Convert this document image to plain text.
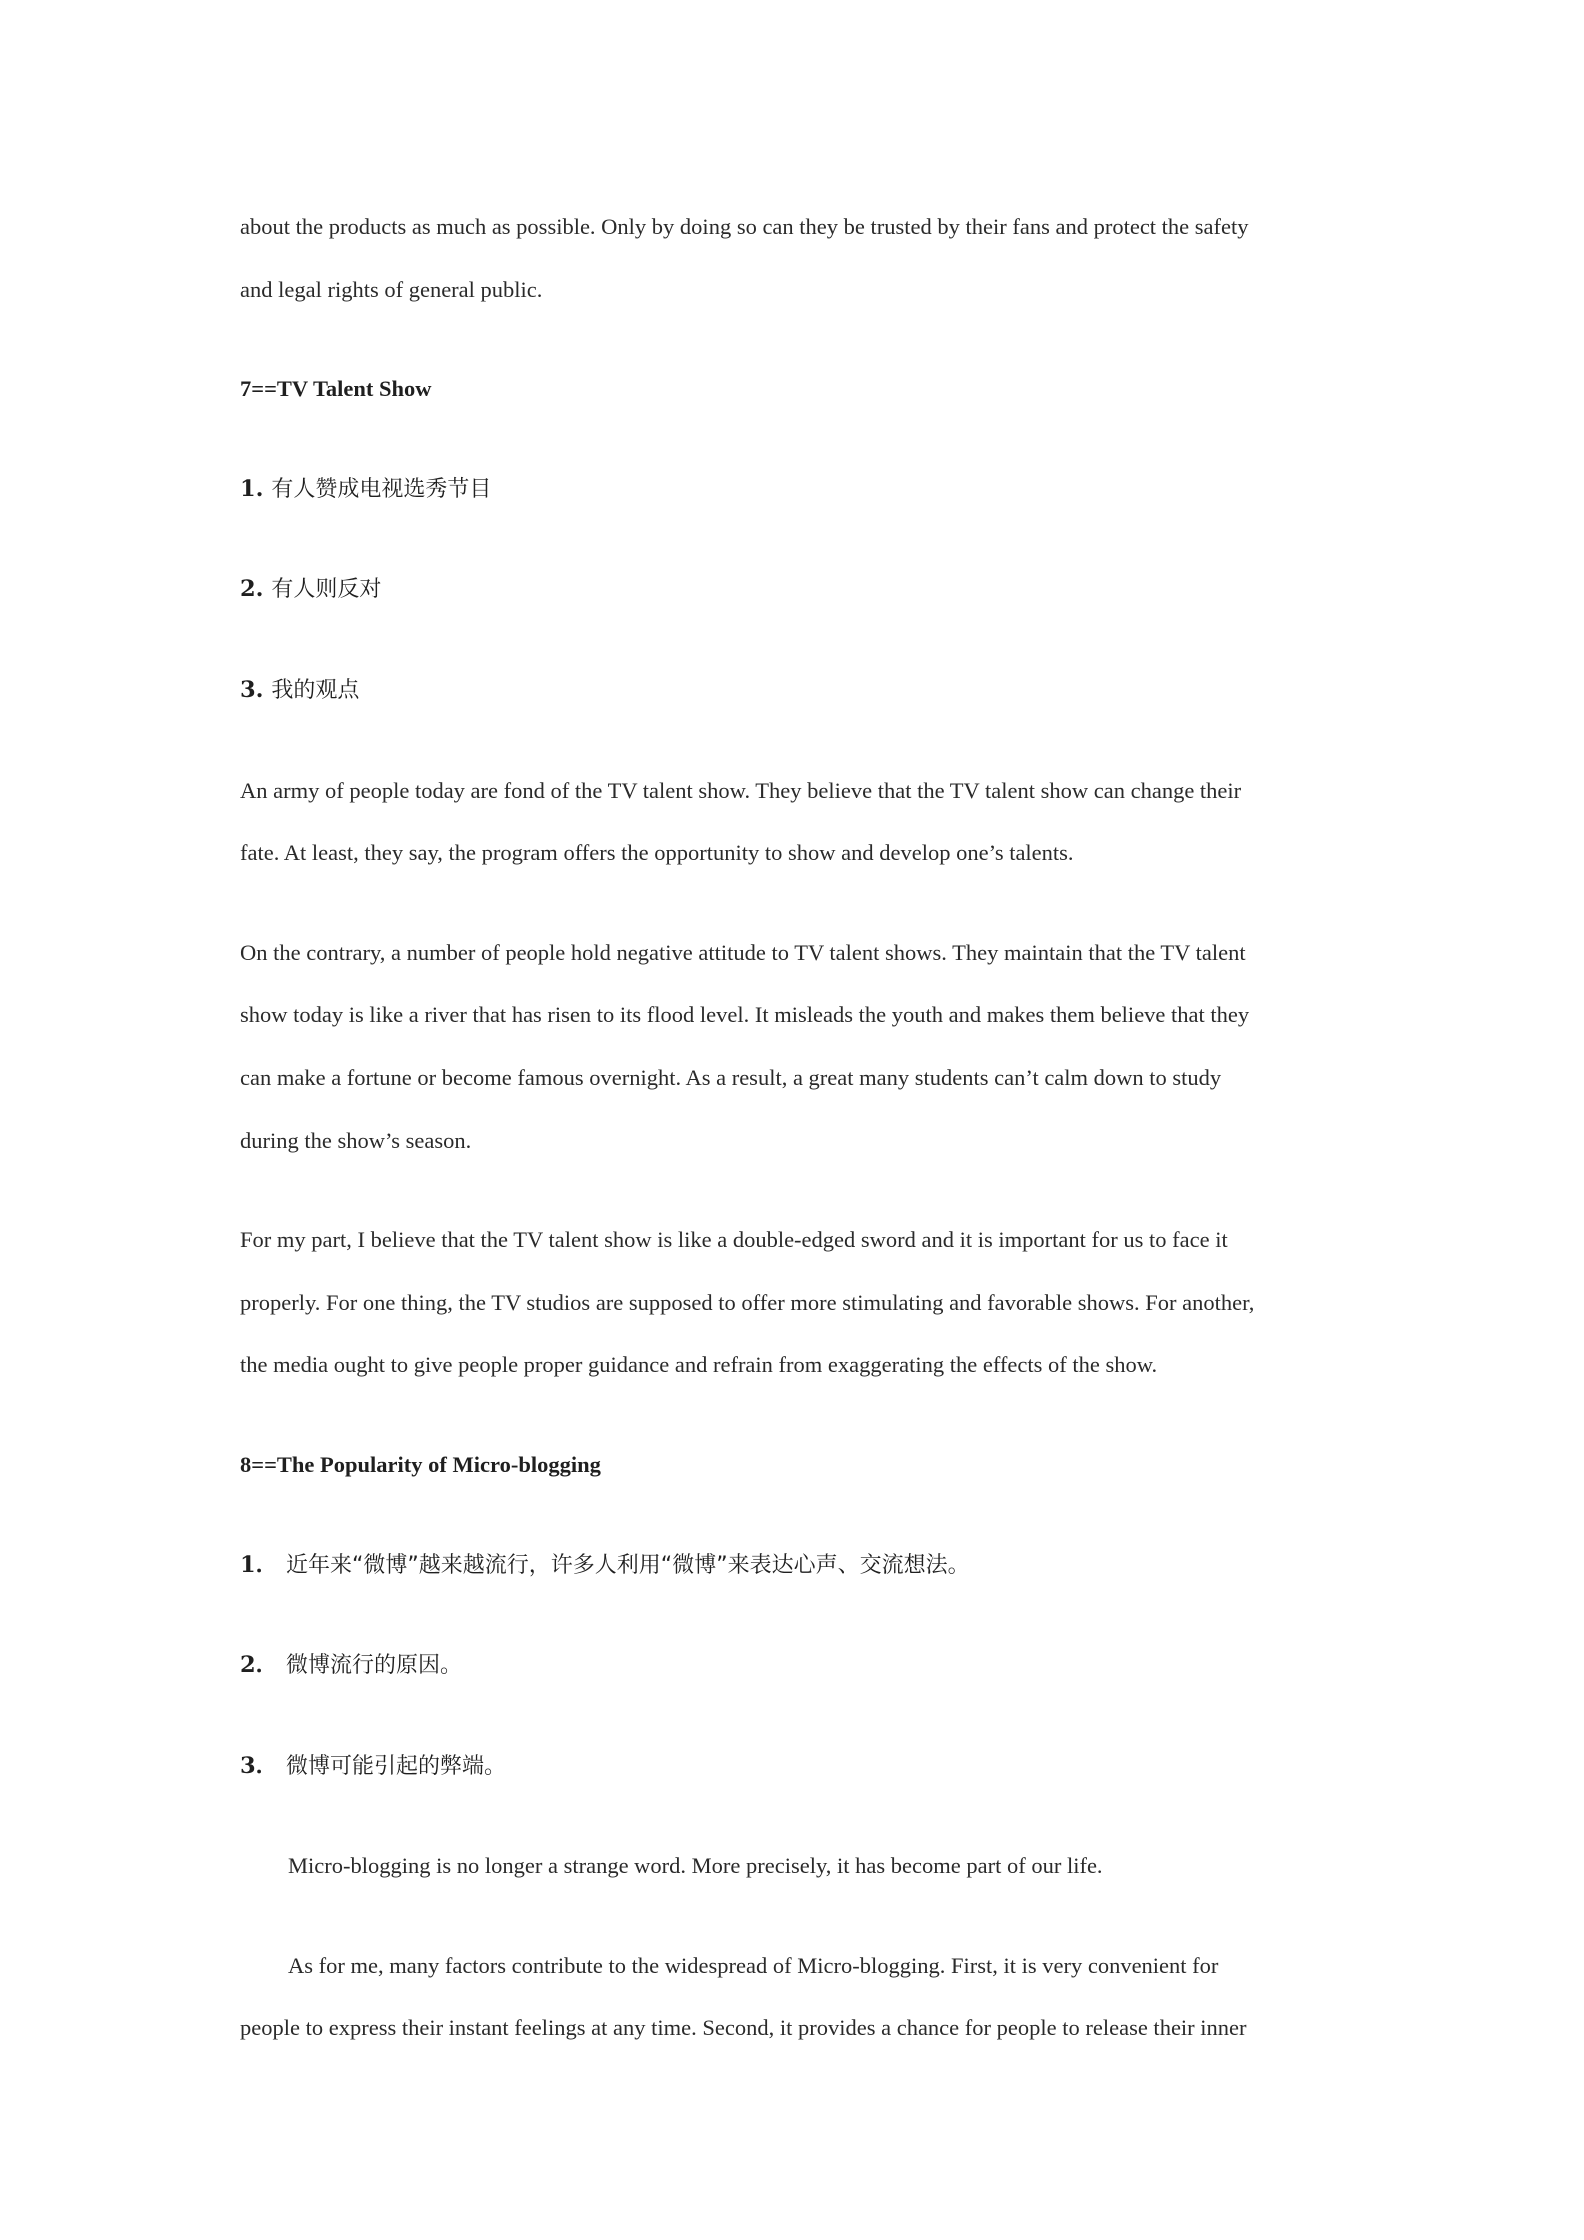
about the products as much as possible. Only by doing so can they be trusted by their fans and protect the safety

and legal rights of general public.

7==TV Talent Show

1. 有人赞成电视选秀节目

2. 有人则反对

3. 我的观点

An army of people today are fond of the TV talent show. They believe that the TV talent show can change their

fate. At least, they say, the program offers the opportunity to show and develop one’s talents.

On the contrary, a number of people hold negative attitude to TV talent shows. They maintain that the TV talent

show today is like a river that has risen to its flood level. It misleads the youth and makes them believe that they

can make a fortune or become famous overnight. As a result, a great many students can’t calm down to study

during the show’s season.

For my part, I believe that the TV talent show is like a double-edged sword and it is important for us to face it

properly. For one thing, the TV studios are supposed to offer more stimulating and favorable shows. For another,

the media ought to give people proper guidance and refrain from exaggerating the effects of the show.

8==The Popularity of Micro-blogging

1． 近年来“微博”越来越流行，许多人利用“微博”来表达心声、交流想法。

2． 微博流行的原因。

3． 微博可能引起的弊端。

Micro-blogging is no longer a strange word. More precisely, it has become part of our life.

As for me, many factors contribute to the widespread of Micro-blogging. First, it is very convenient for

people to express their instant feelings at any time. Second, it provides a chance for people to release their inner
